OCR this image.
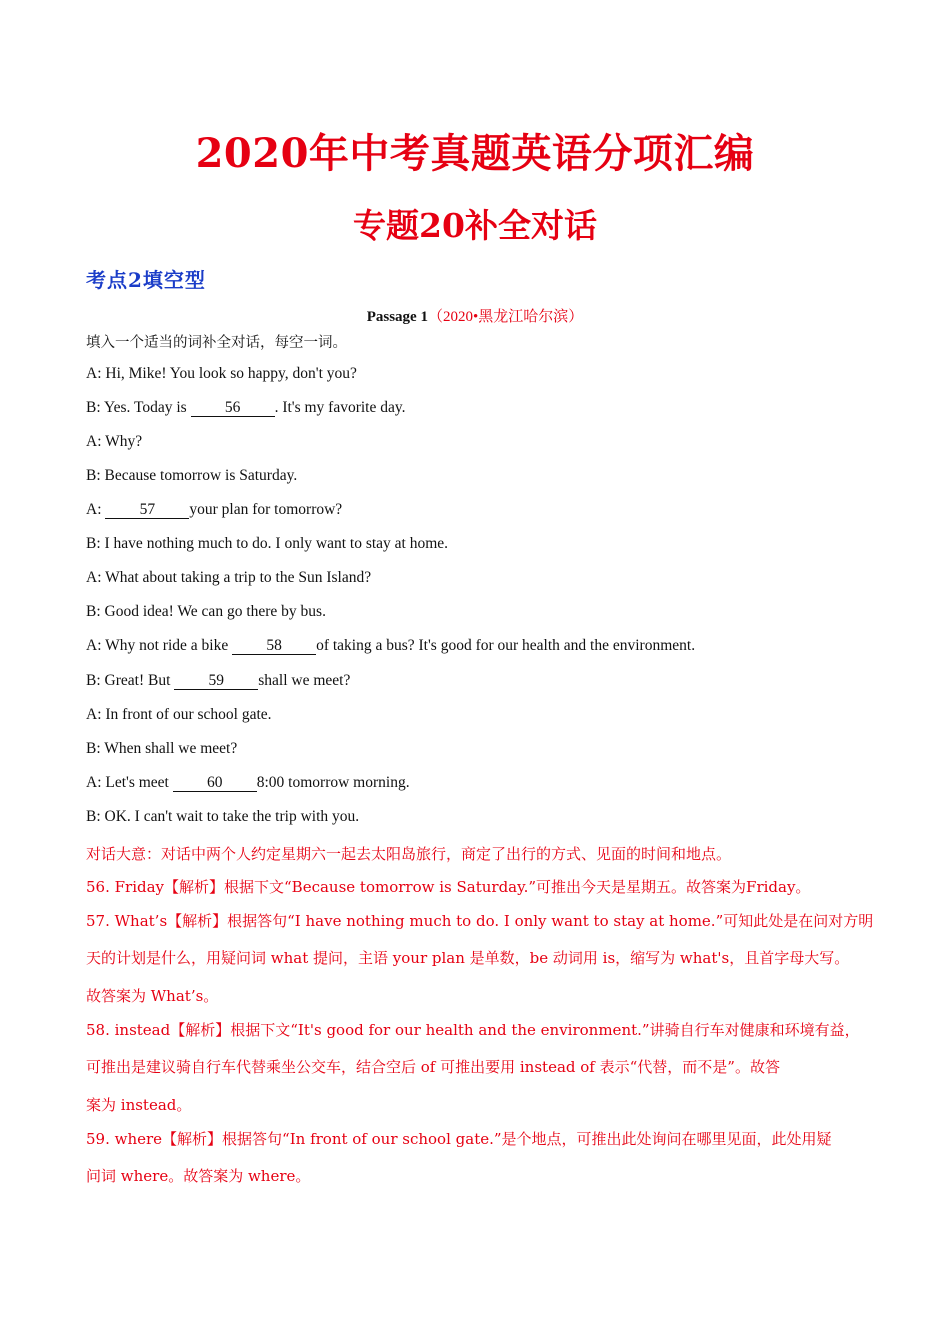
2020年中考真题英语分项汇编
专题20补全对话
考点2填空型
Passage 1（2020•黑龙江哈尔滨）
填入一个适当的词补全对话，每空一词。
A: Hi, Mike! You look so happy, don't you?
B: Yes. Today is 56 . It's my favorite day.
A: Why?
B: Because tomorrow is Saturday.
A: 57 your plan for tomorrow?
B: I have nothing much to do. I only want to stay at home.
A: What about taking a trip to the Sun Island?
B: Good idea! We can go there by bus.
A: Why not ride a bike 58 of taking a bus? It's good for our health and the environment.
B: Great! But 59 shall we meet?
A: In front of our school gate.
B: When shall we meet?
A: Let's meet 60 8:00 tomorrow morning.
B: OK. I can't wait to take the trip with you.
对话大意：对话中两个人约定星期六一起去太阳岛旅行，商定了出行的方式、见面的时间和地点。
56. Friday【解析】根据下文“Because tomorrow is Saturday.”可推出今天是星期五。故答案为Friday。
57. What’s【解析】根据答句“I have nothing much to do. I only want to stay at home.”可知此处是在问对方明
天的计划是什么，用疑问词 what 提问，主语 your plan 是单数，be 动词用 is，缩写为 what's，且首字母大写。
故答案为 What’s。
58. instead【解析】根据下文“It's good for our health and the environment.”讲骑自行车对健康和环境有益，
可推出是建议骑自行车代替乘坐公交车，结合空后 of 可推出要用 instead of 表示“代替，而不是”。故答
案为 instead。
59. where【解析】根据答句“In front of our school gate.”是个地点，可推出此处询问在哪里见面，此处用疑
问词 where。故答案为 where。
